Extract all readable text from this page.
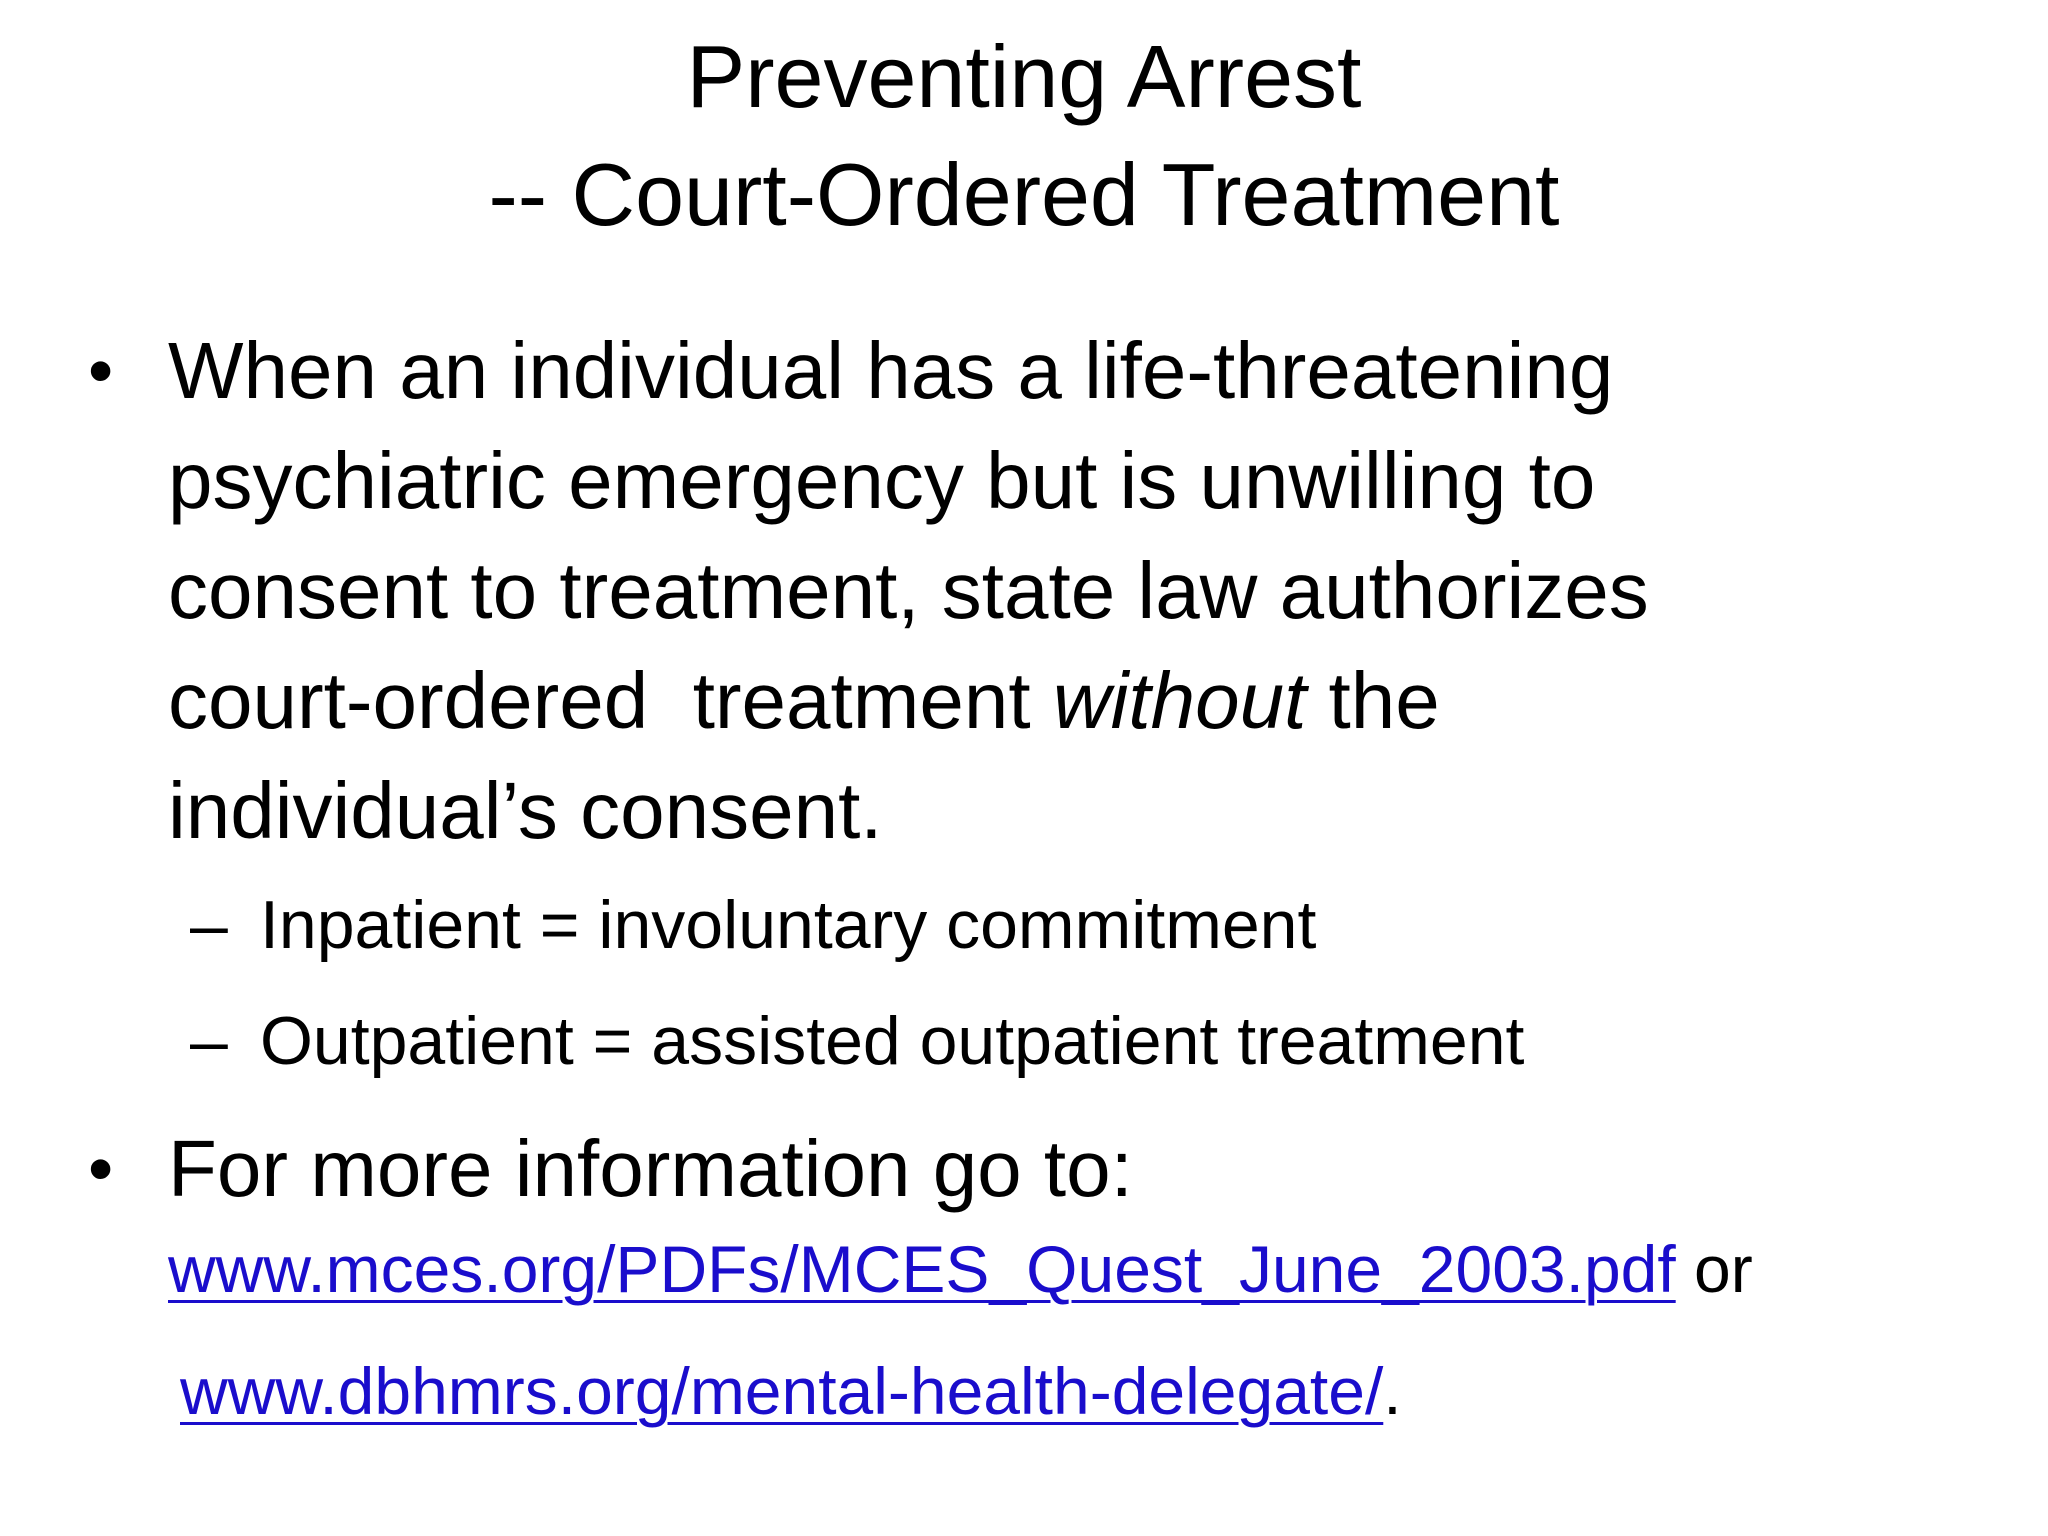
Preventing Arrest
-- Court-Ordered Treatment
• When an individual has a life-threatening
psychiatric emergency but is unwilling to
consent to treatment, state law authorizes
court-ordered  treatment without the
individual’s consent.
– Inpatient = involuntary commitment
– Outpatient = assisted outpatient treatment
• For more information go to:
www.mces.org/PDFs/MCES_Quest_June_2003.pdf or
www.dbhmrs.org/mental-health-delegate/.
